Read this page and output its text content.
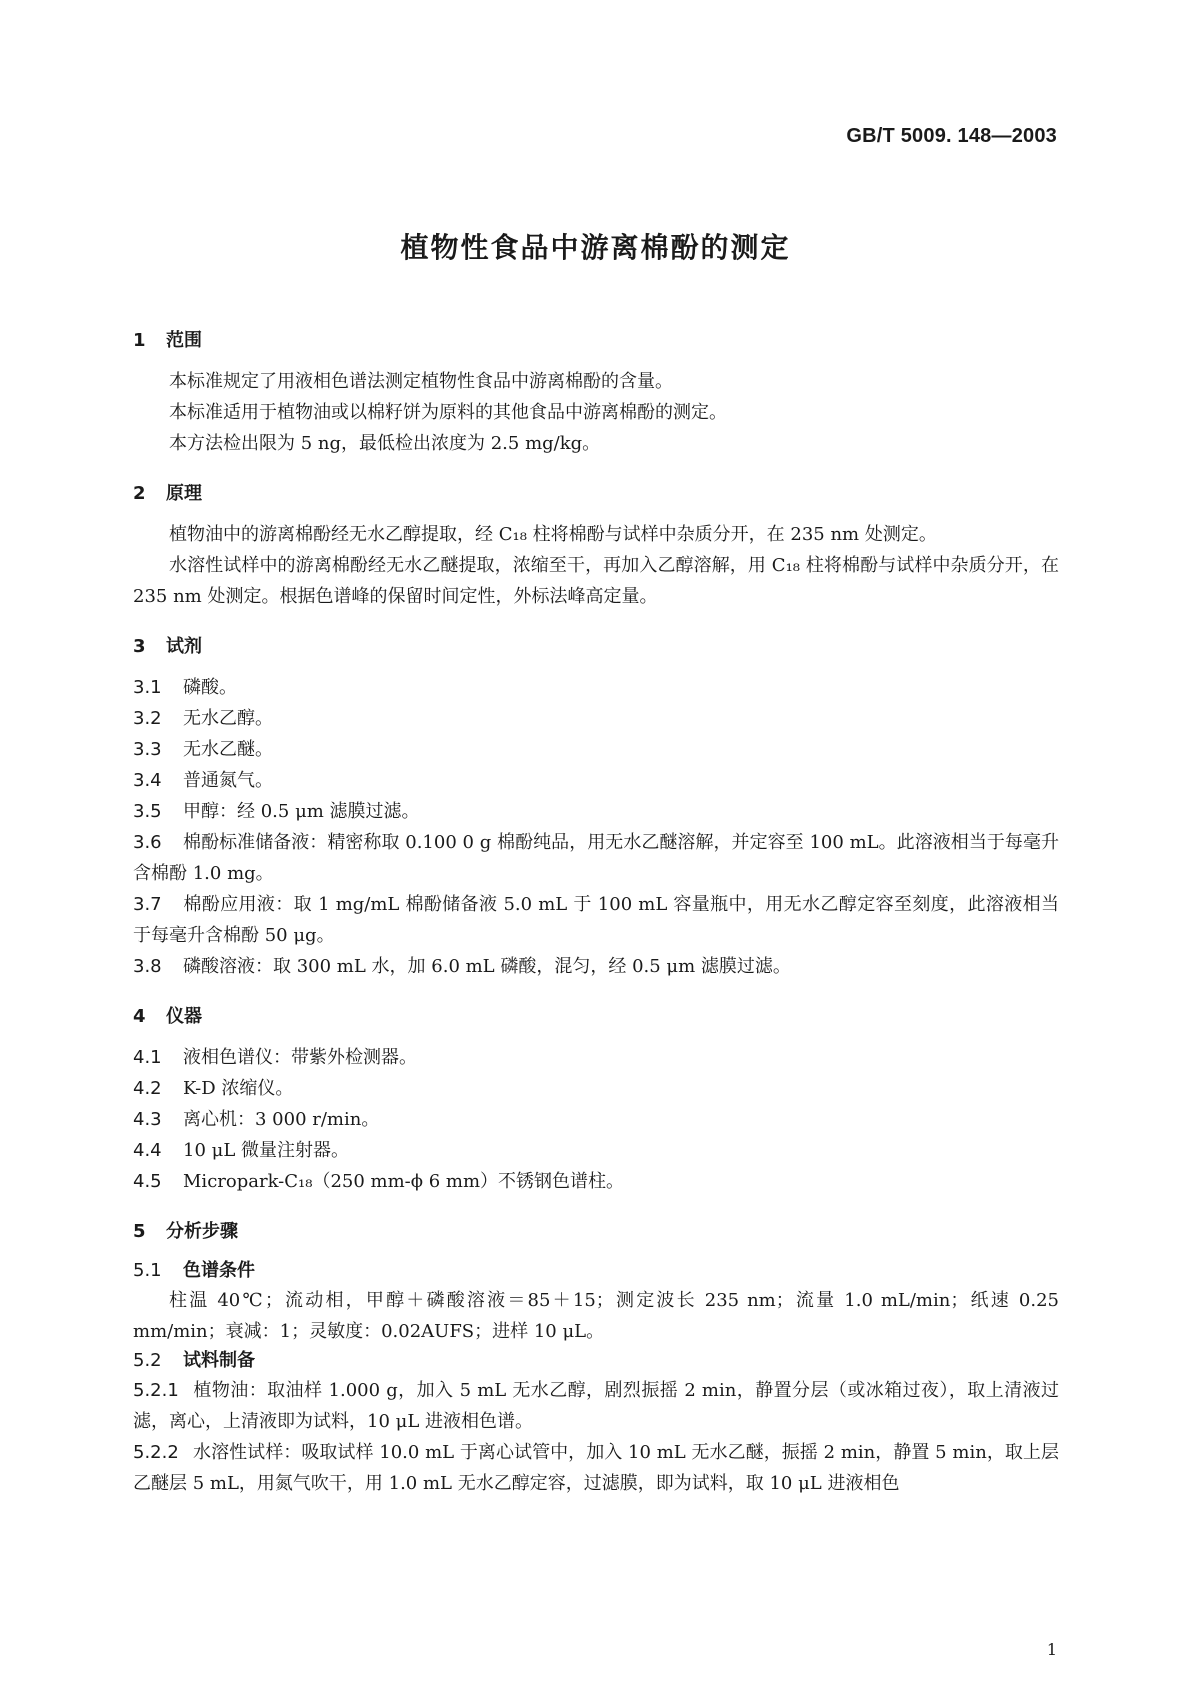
GB/T 5009. 148—2003
植物性食品中游离棉酚的测定

1 范围

本标准规定了用液相色谱法测定植物性食品中游离棉酚的含量。

本标准适用于植物油或以棉籽饼为原料的其他食品中游离棉酚的测定。

本方法检出限为 5 ng，最低检出浓度为 2.5 mg/kg。

2 原理

植物油中的游离棉酚经无水乙醇提取，经 C₁₈ 柱将棉酚与试样中杂质分开，在 235 nm 处测定。

水溶性试样中的游离棉酚经无水乙醚提取，浓缩至干，再加入乙醇溶解，用 C₁₈ 柱将棉酚与试样中杂质分开，在 235 nm 处测定。根据色谱峰的保留时间定性，外标法峰高定量。

3 试剂

3.1 磷酸。

3.2 无水乙醇。

3.3 无水乙醚。

3.4 普通氮气。

3.5 甲醇：经 0.5 μm 滤膜过滤。

3.6 棉酚标准储备液：精密称取 0.100 0 g 棉酚纯品，用无水乙醚溶解，并定容至 100 mL。此溶液相当于每毫升含棉酚 1.0 mg。

3.7 棉酚应用液：取 1 mg/mL 棉酚储备液 5.0 mL 于 100 mL 容量瓶中，用无水乙醇定容至刻度，此溶液相当于每毫升含棉酚 50 μg。

3.8 磷酸溶液：取 300 mL 水，加 6.0 mL 磷酸，混匀，经 0.5 μm 滤膜过滤。

4 仪器

4.1 液相色谱仪：带紫外检测器。

4.2 K-D 浓缩仪。

4.3 离心机：3 000 r/min。

4.4 10 μL 微量注射器。

4.5 Micropark-C₁₈（250 mm-ϕ 6 mm）不锈钢色谱柱。

5 分析步骤

5.1 色谱条件

柱温 40℃；流动相，甲醇＋磷酸溶液＝85＋15；测定波长 235 nm；流量 1.0 mL/min；纸速 0.25 mm/min；衰减：1；灵敏度：0.02AUFS；进样 10 μL。

5.2 试料制备

5.2.1 植物油：取油样 1.000 g，加入 5 mL 无水乙醇，剧烈振摇 2 min，静置分层（或冰箱过夜），取上清液过滤，离心，上清液即为试料，10 μL 进液相色谱。

5.2.2 水溶性试样：吸取试样 10.0 mL 于离心试管中，加入 10 mL 无水乙醚，振摇 2 min，静置 5 min，取上层乙醚层 5 mL，用氮气吹干，用 1.0 mL 无水乙醇定容，过滤膜，即为试料，取 10 μL 进液相色

1
